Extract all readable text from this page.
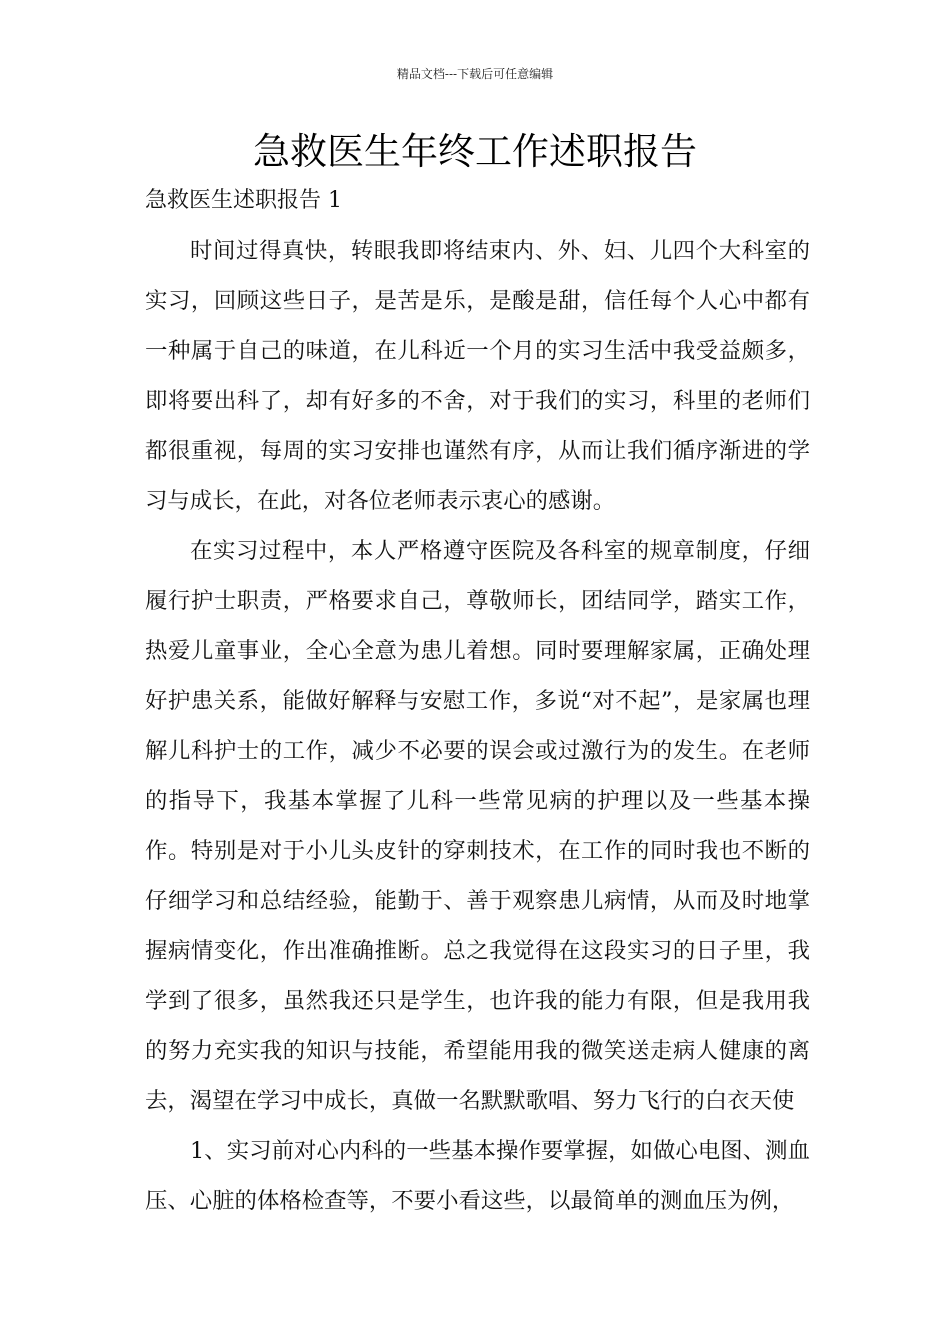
精品文档---下载后可任意编辑
急救医生年终工作述职报告

急救医生述职报告 1

时间过得真快，转眼我即将结束内、外、妇、儿四个大科室的实习，回顾这些日子，是苦是乐，是酸是甜，信任每个人心中都有一种属于自己的味道，在儿科近一个月的实习生活中我受益颇多，即将要出科了，却有好多的不舍，对于我们的实习，科里的老师们都很重视，每周的实习安排也谨然有序，从而让我们循序渐进的学习与成长，在此，对各位老师表示衷心的感谢。

在实习过程中，本人严格遵守医院及各科室的规章制度，仔细履行护士职责，严格要求自己，尊敬师长，团结同学，踏实工作，热爱儿童事业，全心全意为患儿着想。同时要理解家属，正确处理好护患关系，能做好解释与安慰工作，多说“对不起”，是家属也理解儿科护士的工作，减少不必要的误会或过激行为的发生。在老师的指导下，我基本掌握了儿科一些常见病的护理以及一些基本操作。特别是对于小儿头皮针的穿刺技术，在工作的同时我也不断的仔细学习和总结经验，能勤于、善于观察患儿病情，从而及时地掌握病情变化，作出准确推断。总之我觉得在这段实习的日子里，我学到了很多，虽然我还只是学生，也许我的能力有限，但是我用我的努力充实我的知识与技能，希望能用我的微笑送走病人健康的离去，渴望在学习中成长，真做一名默默歌唱、努力飞行的白衣天使

1、实习前对心内科的一些基本操作要掌握，如做心电图、测血压、心脏的体格检查等，不要小看这些，以最简单的测血压为例，
